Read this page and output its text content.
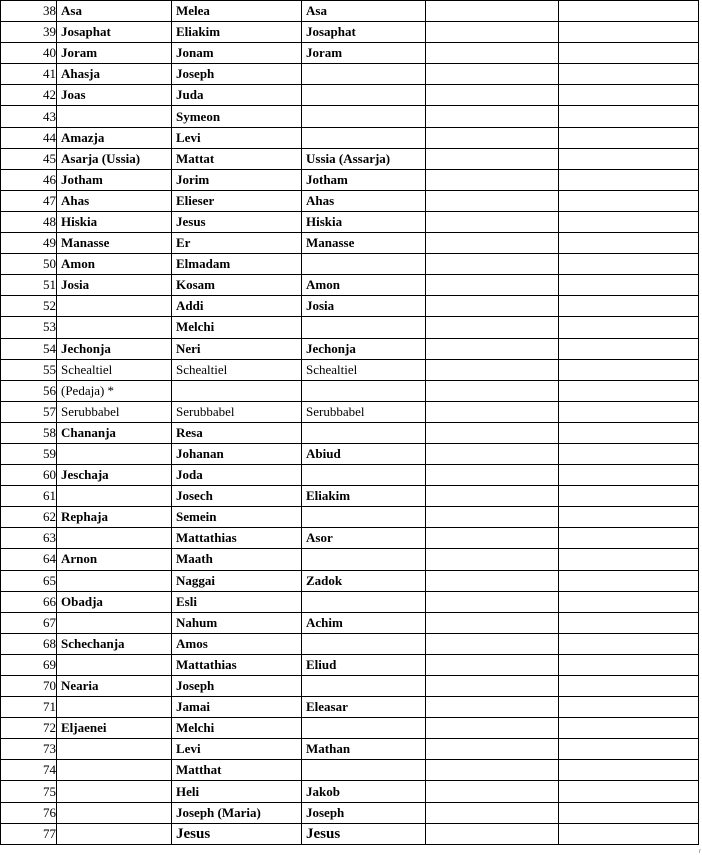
38	Asa	Melea	Asa		
39	Josaphat	Eliakim	Josaphat		
40	Joram	Jonam	Joram		
41	Ahasja	Joseph			
42	Joas	Juda			
43		Symeon			
44	Amazja	Levi			
45	Asarja (Ussia)	Mattat	Ussia (Assarja)		
46	Jotham	Jorim	Jotham		
47	Ahas	Elieser	Ahas		
48	Hiskia	Jesus	Hiskia		
49	Manasse	Er	Manasse		
50	Amon	Elmadam			
51	Josia	Kosam	Amon		
52		Addi	Josia		
53		Melchi			
54	Jechonja	Neri	Jechonja		
55	Schealtiel	Schealtiel	Schealtiel		
56	(Pedaja) *				
57	Serubbabel	Serubbabel	Serubbabel		
58	Chananja	Resa			
59		Johanan	Abiud		
60	Jeschaja	Joda			
61		Josech	Eliakim		
62	Rephaja	Semein			
63		Mattathias	Asor		
64	Arnon	Maath			
65		Naggai	Zadok		
66	Obadja	Esli			
67		Nahum	Achim		
68	Schechanja	Amos			
69		Mattathias	Eliud		
70	Nearia	Joseph			
71		Jamai	Eleasar		
72	Eljaenei	Melchi			
73		Levi	Mathan		
74		Matthat			
75		Heli	Jakob		
76		Joseph (Maria)	Joseph		
77		Jesus	Jesus		
r
